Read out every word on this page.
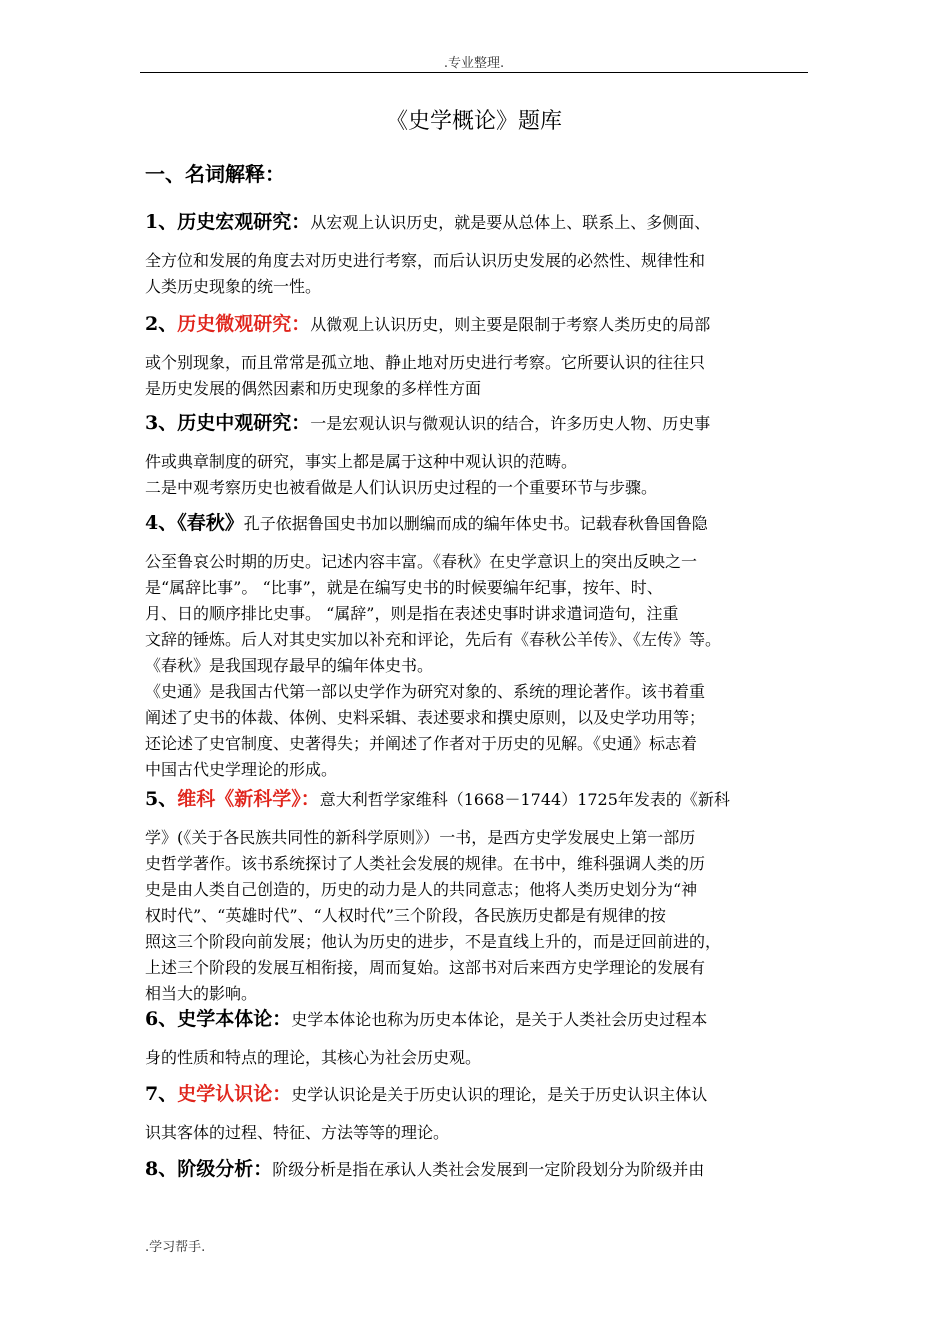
.专业整理.
《史学概论》题库
一、名词解释：
1、历史宏观研究：从宏观上认识历史，就是要从总体上、联系上、多侧面、
全方位和发展的角度去对历史进行考察，而后认识历史发展的必然性、规律性和
人类历史现象的统一性。
2、历史微观研究：从微观上认识历史，则主要是限制于考察人类历史的局部
或个别现象，而且常常是孤立地、静止地对历史进行考察。它所要认识的往往只
是历史发展的偶然因素和历史现象的多样性方面
3、历史中观研究：一是宏观认识与微观认识的结合，许多历史人物、历史事
件或典章制度的研究，事实上都是属于这种中观认识的范畴。
二是中观考察历史也被看做是人们认识历史过程的一个重要环节与步骤。
4、《春秋》孔子依据鲁国史书加以删编而成的编年体史书。记载春秋鲁国鲁隐
公至鲁哀公时期的历史。记述内容丰富。《春秋》在史学意识上的突出反映之一
是“属辞比事”。 “比事”，就是在编写史书的时候要编年纪事，按年、时、
月、日的顺序排比史事。 “属辞”，则是指在表述史事时讲求遣词造句，注重
文辞的锤炼。后人对其史实加以补充和评论，先后有《春秋公羊传》、《左传》等。
《春秋》是我国现存最早的编年体史书。
《史通》是我国古代第一部以史学作为研究对象的、系统的理论著作。该书着重
阐述了史书的体裁、体例、史料采辑、表述要求和撰史原则，以及史学功用等；
还论述了史官制度、史著得失；并阐述了作者对于历史的见解。《史通》标志着
中国古代史学理论的形成。
5、维科《新科学》：意大利哲学家维科（1668－1744）1725年发表的《新科
学》(《关于各民族共同性的新科学原则》）一书，是西方史学发展史上第一部历
史哲学著作。该书系统探讨了人类社会发展的规律。在书中，维科强调人类的历
史是由人类自己创造的，历史的动力是人的共同意志；他将人类历史划分为“神
权时代”、“英雄时代”、“人权时代”三个阶段，各民族历史都是有规律的按
照这三个阶段向前发展；他认为历史的进步，不是直线上升的，而是迂回前进的，
上述三个阶段的发展互相衔接，周而复始。这部书对后来西方史学理论的发展有
相当大的影响。
6、史学本体论：史学本体论也称为历史本体论，是关于人类社会历史过程本
身的性质和特点的理论，其核心为社会历史观。
7、史学认识论：史学认识论是关于历史认识的理论，是关于历史认识主体认
识其客体的过程、特征、方法等等的理论。
8、阶级分析：阶级分析是指在承认人类社会发展到一定阶段划分为阶级并由
.学习帮手.
